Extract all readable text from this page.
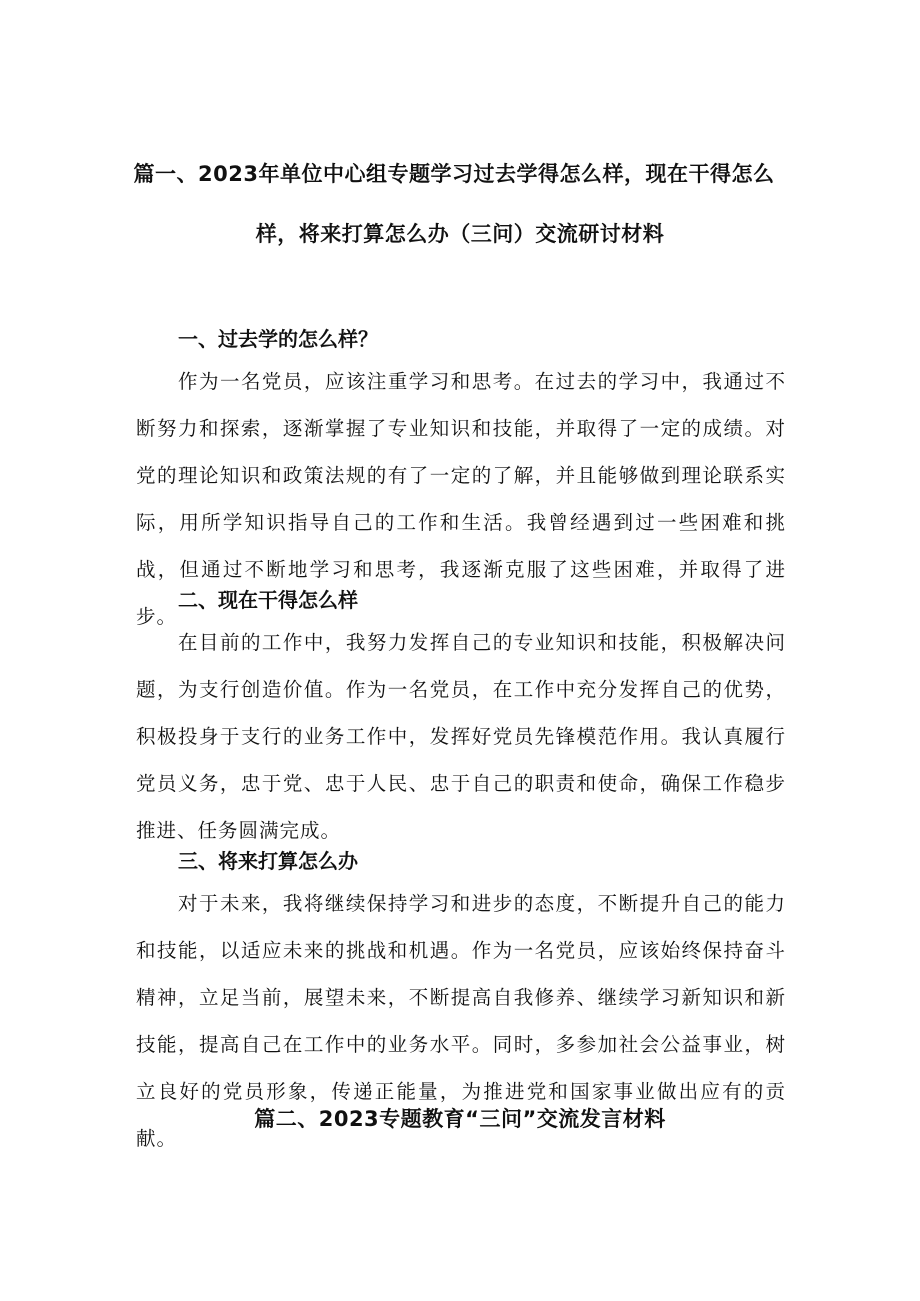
篇一、2023年单位中心组专题学习过去学得怎么样，现在干得怎么
样，将来打算怎么办（三问）交流研讨材料
一、过去学的怎么样？

作为一名党员，应该注重学习和思考。在过去的学习中，我通过不断努力和探索，逐渐掌握了专业知识和技能，并取得了一定的成绩。对党的理论知识和政策法规的有了一定的了解，并且能够做到理论联系实际，用所学知识指导自己的工作和生活。我曾经遇到过一些困难和挑战，但通过不断地学习和思考，我逐渐克服了这些困难，并取得了进步。

二、现在干得怎么样

在目前的工作中，我努力发挥自己的专业知识和技能，积极解决问题，为支行创造价值。作为一名党员，在工作中充分发挥自己的优势，积极投身于支行的业务工作中，发挥好党员先锋模范作用。我认真履行党员义务，忠于党、忠于人民、忠于自己的职责和使命，确保工作稳步推进、任务圆满完成。

三、将来打算怎么办

对于未来，我将继续保持学习和进步的态度，不断提升自己的能力和技能，以适应未来的挑战和机遇。作为一名党员，应该始终保持奋斗精神，立足当前，展望未来，不断提高自我修养、继续学习新知识和新技能，提高自己在工作中的业务水平。同时，多参加社会公益事业，树立良好的党员形象，传递正能量，为推进党和国家事业做出应有的贡献。

篇二、2023专题教育“三问”交流发言材料
